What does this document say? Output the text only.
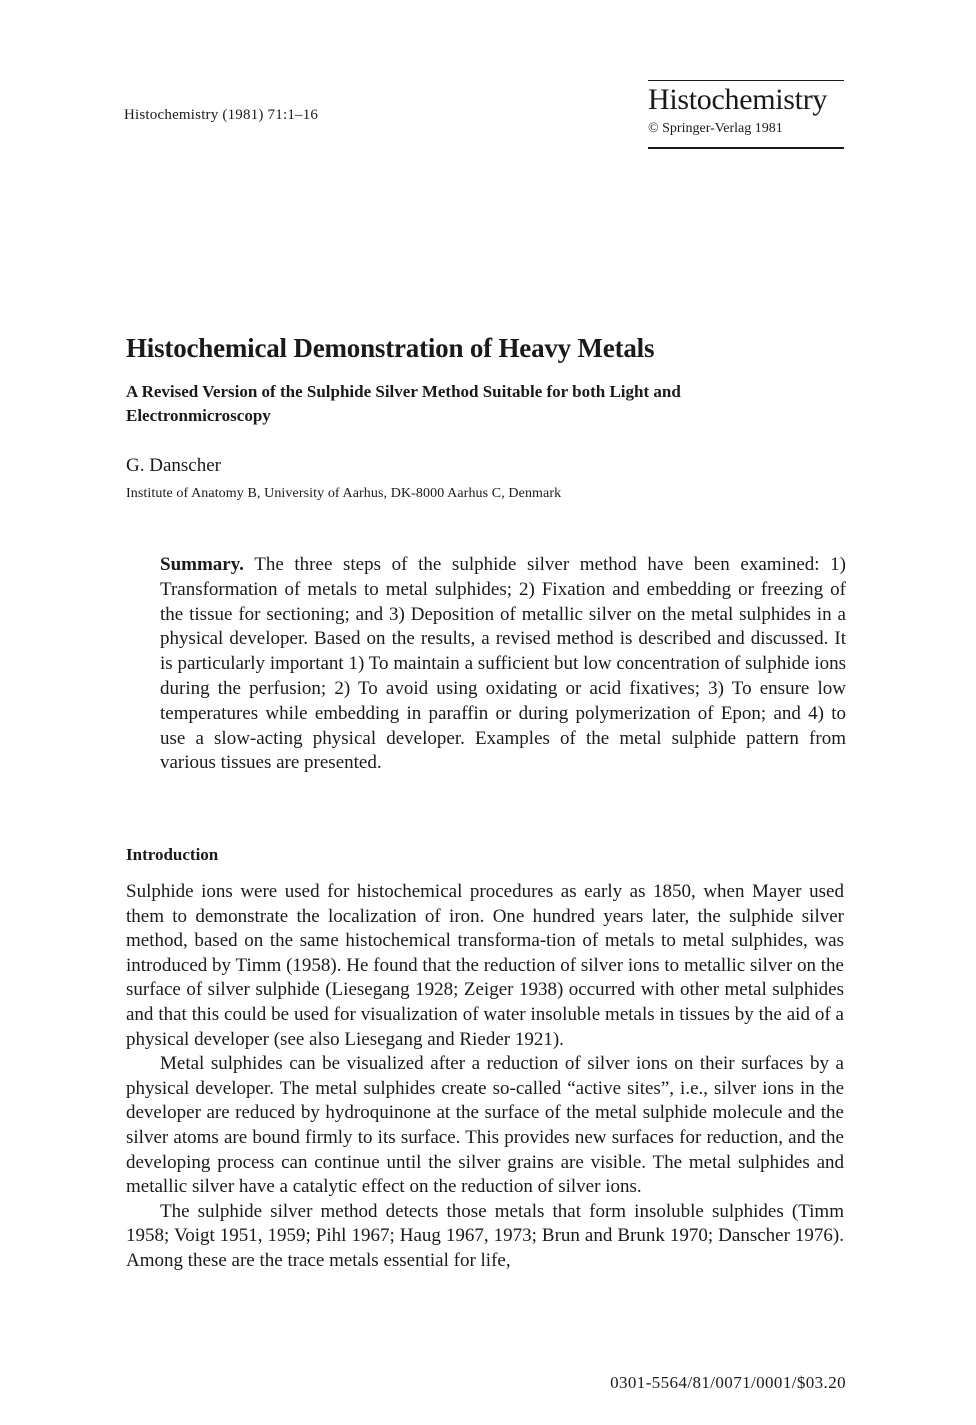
Histochemistry (1981) 71:1–16	Histochemistry
© Springer-Verlag 1981
Histochemical Demonstration of Heavy Metals
A Revised Version of the Sulphide Silver Method Suitable for both Light and Electronmicroscopy
G. Danscher
Institute of Anatomy B, University of Aarhus, DK-8000 Aarhus C, Denmark
Summary. The three steps of the sulphide silver method have been examined: 1) Transformation of metals to metal sulphides; 2) Fixation and embedding or freezing of the tissue for sectioning; and 3) Deposition of metallic silver on the metal sulphides in a physical developer. Based on the results, a revised method is described and discussed. It is particularly important 1) To maintain a sufficient but low concentration of sulphide ions during the perfusion; 2) To avoid using oxidating or acid fixatives; 3) To ensure low temperatures while embedding in paraffin or during polymerization of Epon; and 4) to use a slow-acting physical developer. Examples of the metal sulphide pattern from various tissues are presented.
Introduction

Sulphide ions were used for histochemical procedures as early as 1850, when Mayer used them to demonstrate the localization of iron. One hundred years later, the sulphide silver method, based on the same histochemical transforma-tion of metals to metal sulphides, was introduced by Timm (1958). He found that the reduction of silver ions to metallic silver on the surface of silver sulphide (Liesegang 1928; Zeiger 1938) occurred with other metal sulphides and that this could be used for visualization of water insoluble metals in tissues by the aid of a physical developer (see also Liesegang and Rieder 1921).

Metal sulphides can be visualized after a reduction of silver ions on their surfaces by a physical developer. The metal sulphides create so-called “active sites”, i.e., silver ions in the developer are reduced by hydroquinone at the surface of the metal sulphide molecule and the silver atoms are bound firmly to its surface. This provides new surfaces for reduction, and the developing process can continue until the silver grains are visible. The metal sulphides and metallic silver have a catalytic effect on the reduction of silver ions.

The sulphide silver method detects those metals that form insoluble sulphides (Timm 1958; Voigt 1951, 1959; Pihl 1967; Haug 1967, 1973; Brun and Brunk 1970; Danscher 1976). Among these are the trace metals essential for life,

0301-5564/81/0071/0001/$03.20
